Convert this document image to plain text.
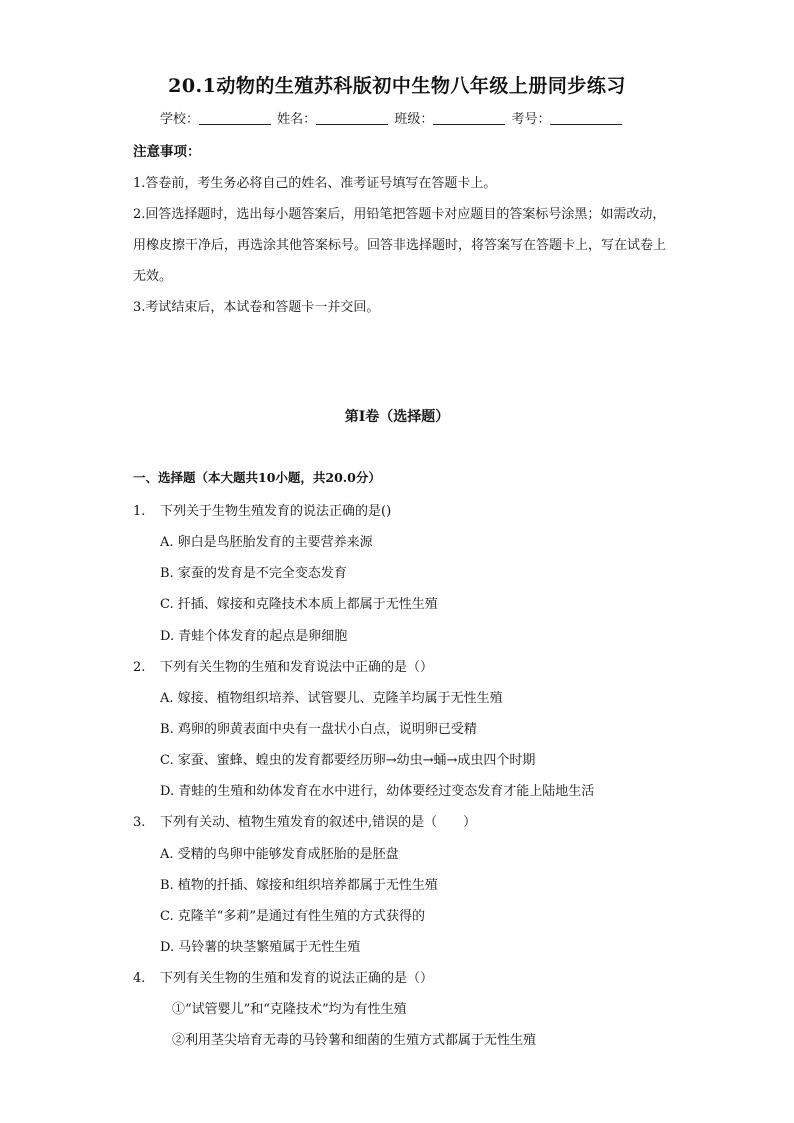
20.1动物的生殖苏科版初中生物八年级上册同步练习
学校：	姓名：	班级：	考号：
注意事项：
1.答卷前，考生务必将自己的姓名、准考证号填写在答题卡上。
2.回答选择题时，选出每小题答案后，用铅笔把答题卡对应题目的答案标号涂黑；如需改动，用橡皮擦干净后，再选涂其他答案标号。回答非选择题时，将答案写在答题卡上，写在试卷上无效。
3.考试结束后，本试卷和答题卡一并交回。
第Ⅰ卷（选择题）
一、选择题（本大题共10小题，共20.0分）
1. 下列关于生物生殖发育的说法正确的是()
A. 卵白是鸟胚胎发育的主要营养来源
B. 家蚕的发育是不完全变态发育
C. 扦插、嫁接和克隆技术本质上都属于无性生殖
D. 青蛙个体发育的起点是卵细胞
2. 下列有关生物的生殖和发育说法中正确的是（）
A. 嫁接、植物组织培养、试管婴儿、克隆羊均属于无性生殖
B. 鸡卵的卵黄表面中央有一盘状小白点，说明卵已受精
C. 家蚕、蜜蜂、蝗虫的发育都要经历卵→幼虫→蛹→成虫四个时期
D. 青蛙的生殖和幼体发育在水中进行，幼体要经过变态发育才能上陆地生活
3. 下列有关动、植物生殖发育的叙述中,错误的是（　　）
A. 受精的鸟卵中能够发育成胚胎的是胚盘
B. 植物的扦插、嫁接和组织培养都属于无性生殖
C. 克隆羊“多莉”是通过有性生殖的方式获得的
D. 马铃薯的块茎繁殖属于无性生殖
4. 下列有关生物的生殖和发育的说法正确的是（）
①“试管婴儿”和“克隆技术”均为有性生殖
②利用茎尖培育无毒的马铃薯和细菌的生殖方式都属于无性生殖
